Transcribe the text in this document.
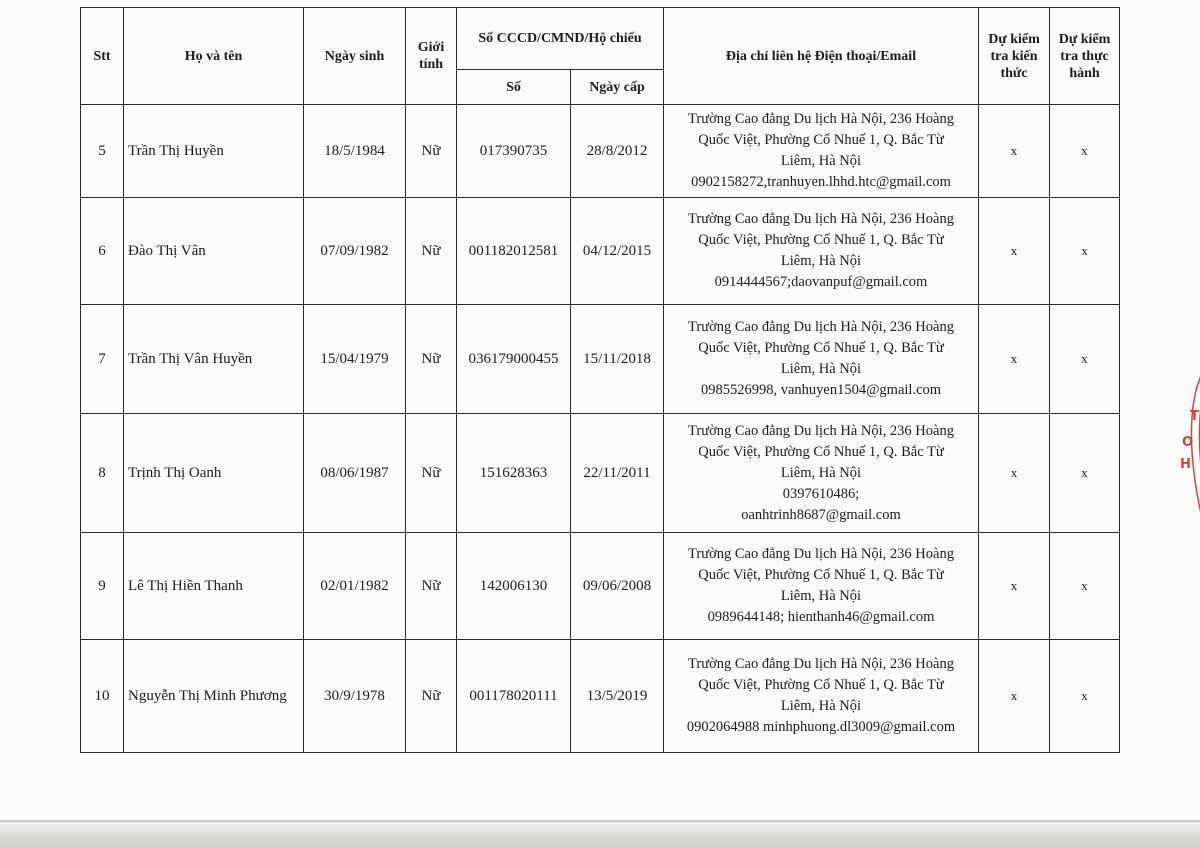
Stt	Họ và tên	Ngày sinh	Giới tính	Số CCCD/CMND/Hộ chiếu		Địa chỉ liên hệ Điện thoại/Email	Dự kiểm tra kiến thức	Dự kiểm tra thực hành
				Số	Ngày cấp			
5	Trần Thị Huyền	18/5/1984	Nữ	017390735	28/8/2012	Trường Cao đẳng Du lịch Hà Nội, 236 Hoàng
Quốc Việt, Phường Cổ Nhuế 1, Q. Bắc Từ
Liêm, Hà Nội
0902158272,tranhuyen.lhhd.htc@gmail.com	x	x
6	Đào Thị Vân	07/09/1982	Nữ	001182012581	04/12/2015	Trường Cao đẳng Du lịch Hà Nội, 236 Hoàng
Quốc Việt, Phường Cổ Nhuế 1, Q. Bắc Từ
Liêm, Hà Nội
0914444567;daovanpuf@gmail.com	x	x
7	Trần Thị Vân Huyền	15/04/1979	Nữ	036179000455	15/11/2018	Trường Cao đẳng Du lịch Hà Nội, 236 Hoàng
Quốc Việt, Phường Cổ Nhuế 1, Q. Bắc Từ
Liêm, Hà Nội
0985526998, vanhuyen1504@gmail.com	x	x
8	Trịnh Thị Oanh	08/06/1987	Nữ	151628363	22/11/2011	Trường Cao đẳng Du lịch Hà Nội, 236 Hoàng
Quốc Việt, Phường Cổ Nhuế 1, Q. Bắc Từ
Liêm, Hà Nội
0397610486;
oanhtrinh8687@gmail.com	x	x
9	Lê Thị Hiền Thanh	02/01/1982	Nữ	142006130	09/06/2008	Trường Cao đẳng Du lịch Hà Nội, 236 Hoàng
Quốc Việt, Phường Cổ Nhuế 1, Q. Bắc Từ
Liêm, Hà Nội
0989644148; hienthanh46@gmail.com	x	x
10	Nguyễn Thị Minh Phương	30/9/1978	Nữ	001178020111	13/5/2019	Trường Cao đẳng Du lịch Hà Nội, 236 Hoàng
Quốc Việt, Phường Cổ Nhuế 1, Q. Bắc Từ
Liêm, Hà Nội
0902064988 minhphuong.dl3009@gmail.com	x	x
T
O
H
